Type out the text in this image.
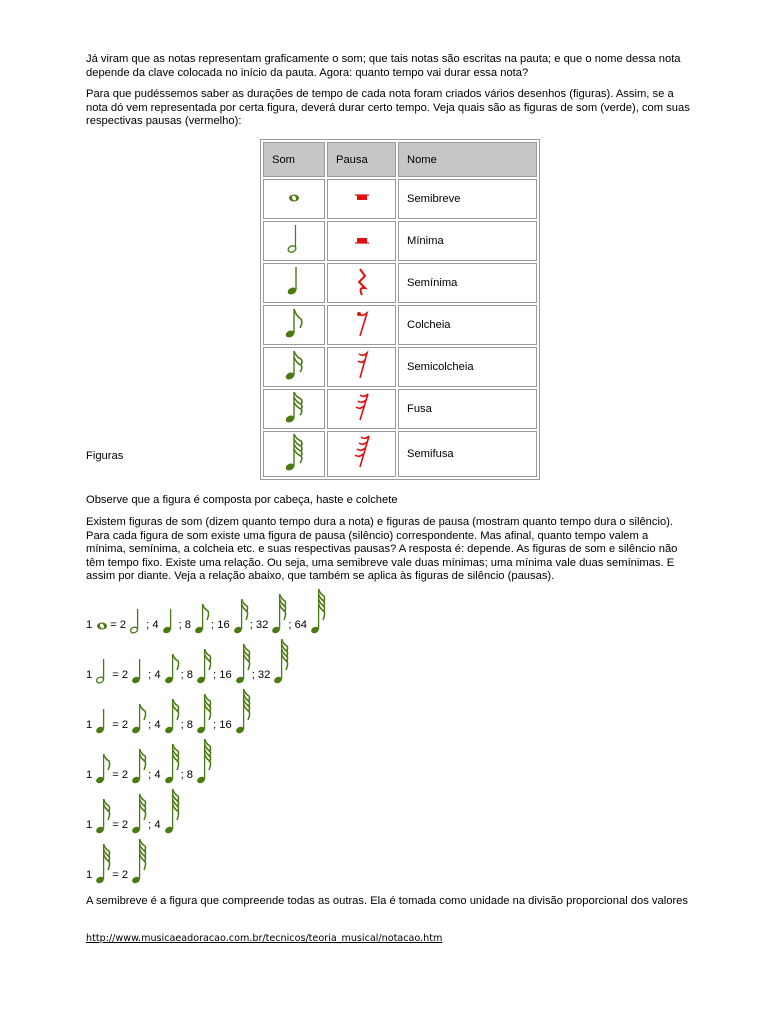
Já viram que as notas representam graficamente o som; que tais notas são escritas na pauta; e que o nome dessa nota depende da clave colocada no início da pauta. Agora: quanto tempo vai durar essa nota?

Para que pudéssemos saber as durações de tempo de cada nota foram criados vários desenhos (figuras). Assim, se a nota dó vem representada por certa figura, deverá durar certo tempo. Veja quais são as figuras de som (verde), com suas respectivas pausas (vermelho):

Som	Pausa	Nome
		Semibreve
		Mínima
		Semínima
		Colcheia
		Semicolcheia
		Fusa
		Semifusa

Figuras

Observe que a figura é composta por cabeça, haste e colchete

Existem figuras de som (dizem quanto tempo dura a nota) e figuras de pausa (mostram quanto tempo dura o silêncio). Para cada figura de som existe uma figura de pausa (silêncio) correspondente. Mas afinal, quanto tempo valem a mínima, semínima, a colcheia etc. e suas respectivas pausas? A resposta é: depende. As figuras de som e silêncio não têm tempo fixo. Existe uma relação. Ou seja, uma semibreve vale duas mínimas; uma mínima vale duas semínimas. E assim por diante. Veja a relação abaixo, que também se aplica às figuras de silêncio (pausas).

1 = 2 ; 4 ; 8 ; 16 ; 32 ; 64
1 = 2 ; 4 ; 8 ; 16 ; 32
1 = 2 ; 4 ; 8 ; 16
1 = 2 ; 4 ; 8
1 = 2 ; 4
1 = 2

A semibreve é a figura que compreende todas as outras. Ela é tomada como unidade na divisão proporcional dos valores

http://www.musicaeadoracao.com.br/tecnicos/teoria_musical/notacao.htm
